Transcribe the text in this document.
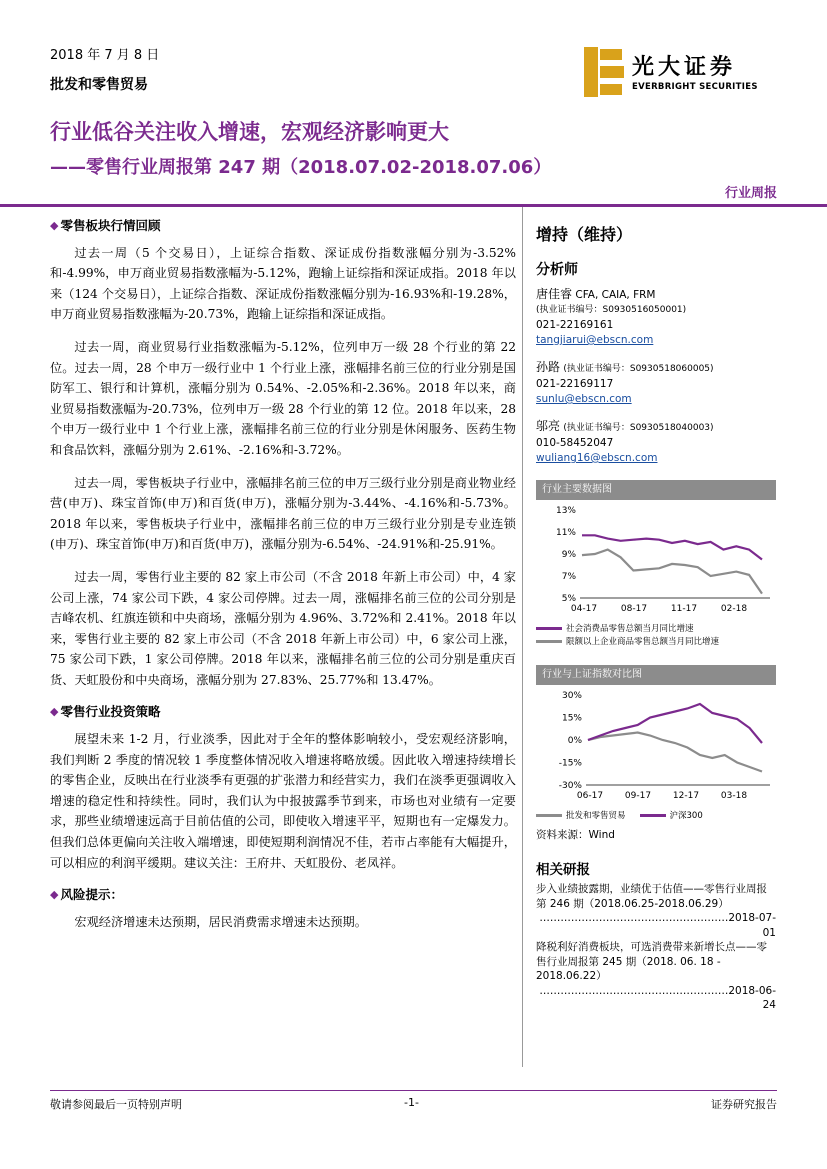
2018 年 7 月 8 日
批发和零售贸易
光大证券
EVERBRIGHT SECURITIES
行业低谷关注收入增速，宏观经济影响更大
——零售行业周报第 247 期（2018.07.02-2018.07.06）
行业周报
◆ 零售板块行情回顾

过去一周（5 个交易日），上证综合指数、深证成份指数涨幅分别为-3.52%和-4.99%，申万商业贸易指数涨幅为-5.12%，跑输上证综指和深证成指。2018 年以来（124 个交易日），上证综合指数、深证成份指数涨幅分别为-16.93%和-19.28%，申万商业贸易指数涨幅为-20.73%，跑输上证综指和深证成指。

过去一周，商业贸易行业指数涨幅为-5.12%，位列申万一级 28 个行业的第 22 位。过去一周，28 个申万一级行业中 1 个行业上涨，涨幅排名前三位的行业分别是国防军工、银行和计算机，涨幅分别为 0.54%、-2.05%和-2.36%。2018 年以来，商业贸易指数涨幅为-20.73%，位列申万一级 28 个行业的第 12 位。2018 年以来，28 个申万一级行业中 1 个行业上涨，涨幅排名前三位的行业分别是休闲服务、医药生物和食品饮料，涨幅分别为 2.61%、-2.16%和-3.72%。

过去一周，零售板块子行业中，涨幅排名前三位的申万三级行业分别是商业物业经营(申万)、珠宝首饰(申万)和百货(申万)，涨幅分别为-3.44%、-4.16%和-5.73%。2018 年以来，零售板块子行业中，涨幅排名前三位的申万三级行业分别是专业连锁(申万)、珠宝首饰(申万)和百货(申万)，涨幅分别为-6.54%、-24.91%和-25.91%。

过去一周，零售行业主要的 82 家上市公司（不含 2018 年新上市公司）中，4 家公司上涨，74 家公司下跌，4 家公司停牌。过去一周，涨幅排名前三位的公司分别是吉峰农机、红旗连锁和中央商场，涨幅分别为 4.96%、3.72%和 2.41%。2018 年以来，零售行业主要的 82 家上市公司（不含 2018 年新上市公司）中，6 家公司上涨，75 家公司下跌，1 家公司停牌。2018 年以来，涨幅排名前三位的公司分别是重庆百货、天虹股份和中央商场，涨幅分别为 27.83%、25.77%和 13.47%。

◆ 零售行业投资策略

展望未来 1-2 月，行业淡季，因此对于全年的整体影响较小，受宏观经济影响，我们判断 2 季度的情况较 1 季度整体情况收入增速将略放缓。因此收入增速持续增长的零售企业，反映出在行业淡季有更强的扩张潜力和经营实力，我们在淡季更强调收入增速的稳定性和持续性。同时，我们认为中报披露季节到来，市场也对业绩有一定要求，那些业绩增速远高于目前估值的公司，即使收入增速平平，短期也有一定爆发力。但我们总体更偏向关注收入端增速，即使短期利润情况不佳，若市占率能有大幅提升，可以相应的利润平缓期。建议关注：王府井、天虹股份、老凤祥。

◆ 风险提示：

宏观经济增速未达预期，居民消费需求增速未达预期。

增持（维持）
分析师
唐佳睿 CFA, CAIA, FRM
(执业证书编号：S0930516050001)
021-22169161
tangjiarui@ebscn.com
孙路 (执业证书编号：S0930518060005)
021-22169117
sunlu@ebscn.com
邬亮 (执业证书编号：S0930518040003)
010-58452047
wuliang16@ebscn.com
行业主要数据图
13%
11%
9%
7%
5%
04-17	08-17	11-17	02-18
社会消费品零售总额当月同比增速
限额以上企业商品零售总额当月同比增速
行业与上证指数对比图
30%
15%
0%
-15%
-30%
06-17 09-17 12-17 03-18
批发和零售贸易	沪深300
资料来源：Wind
相关研报
步入业绩披露期，业绩优于估值——零售行业周报第 246 期（2018.06.25-2018.06.29）
………………………………………………2018-07-01
降税利好消费板块，可选消费带来新增长点——零售行业周报第 245 期（2018. 06. 18 - 2018.06.22）
………………………………………………2018-06-24
敬请参阅最后一页特别声明	-1-	证券研究报告
